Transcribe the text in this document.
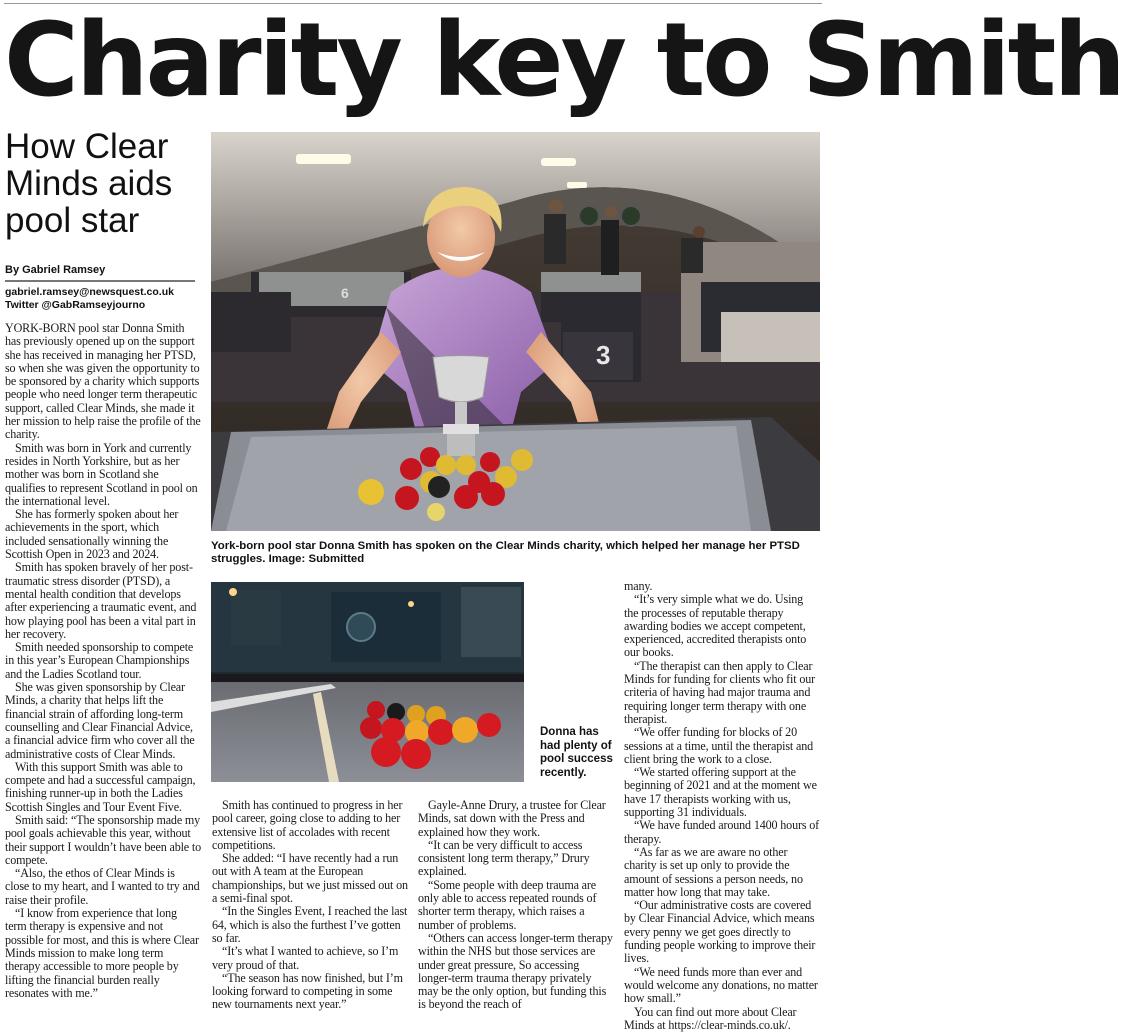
Charity key to Smith
How Clear Minds aids pool star
By Gabriel Ramsey
gabriel.ramsey@newsquest.co.uk
Twitter @GabRamseyjourno
6
3

York-born pool star Donna Smith has spoken on the Clear Minds charity, which helped her manage her PTSD struggles. Image: Submitted

Donna has had plenty of pool success recently.

YORK-BORN pool star Donna Smith has previously opened up on the support she has received in managing her PTSD, so when she was given the opportunity to be sponsored by a charity which supports people who need longer term therapeutic support, called Clear Minds, she made it her mission to help raise the profile of the charity.

Smith was born in York and currently resides in North Yorkshire, but as her mother was born in Scotland she qualifies to represent Scotland in pool on the international level.

She has formerly spoken about her achievements in the sport, which included sensationally winning the Scottish Open in 2023 and 2024.

Smith has spoken bravely of her post-traumatic stress disorder (PTSD), a mental health condition that develops after experiencing a traumatic event, and how playing pool has been a vital part in her recovery.

Smith needed sponsorship to compete in this year’s European Championships and the Ladies Scotland tour.

She was given sponsorship by Clear Minds, a charity that helps lift the financial strain of affording long-term counselling and Clear Financial Advice, a financial advice firm who cover all the administrative costs of Clear Minds.

With this support Smith was able to compete and had a successful campaign, finishing runner-up in both the Ladies Scottish Singles and Tour Event Five.

Smith said: “The sponsorship made my pool goals achievable this year, without their support I wouldn’t have been able to compete.

“Also, the ethos of Clear Minds is close to my heart, and I wanted to try and raise their profile.

“I know from experience that long term therapy is expensive and not possible for most, and this is where Clear Minds mission to make long term therapy accessible to more people by lifting the financial burden really resonates with me.”

Smith has continued to progress in her pool career, going close to adding to her extensive list of accolades with recent competitions.

She added: “I have recently had a run out with A team at the European championships, but we just missed out on a semi-final spot.

“In the Singles Event, I reached the last 64, which is also the furthest I’ve gotten so far.

“It’s what I wanted to achieve, so I’m very proud of that.

“The season has now finished, but I’m looking forward to competing in some new tournaments next year.”

Gayle-Anne Drury, a trustee for Clear Minds, sat down with the Press and explained how they work.

“It can be very difficult to access consistent long term therapy,” Drury explained.

“Some people with deep trauma are only able to access repeated rounds of shorter term therapy, which raises a number of problems.

“Others can access longer-term therapy within the NHS but those services are under great pressure, So accessing longer-term trauma therapy privately may be the only option, but funding this is beyond the reach of

many.

“It’s very simple what we do. Using the processes of reputable therapy awarding bodies we accept competent, experienced, accredited therapists onto our books.

“The therapist can then apply to Clear Minds for funding for clients who fit our criteria of having had major trauma and requiring longer term therapy with one therapist.

“We offer funding for blocks of 20 sessions at a time, until the therapist and client bring the work to a close.

“We started offering support at the beginning of 2021 and at the moment we have 17 therapists working with us, supporting 31 individuals.

“We have funded around 1400 hours of therapy.

“As far as we are aware no other charity is set up only to provide the amount of sessions a person needs, no matter how long that may take.

“Our administrative costs are covered by Clear Financial Advice, which means every penny we get goes directly to funding people working to improve their lives.

“We need funds more than ever and would welcome any donations, no matter how small.”

You can find out more about Clear Minds at https://clear-minds.co.uk/.
